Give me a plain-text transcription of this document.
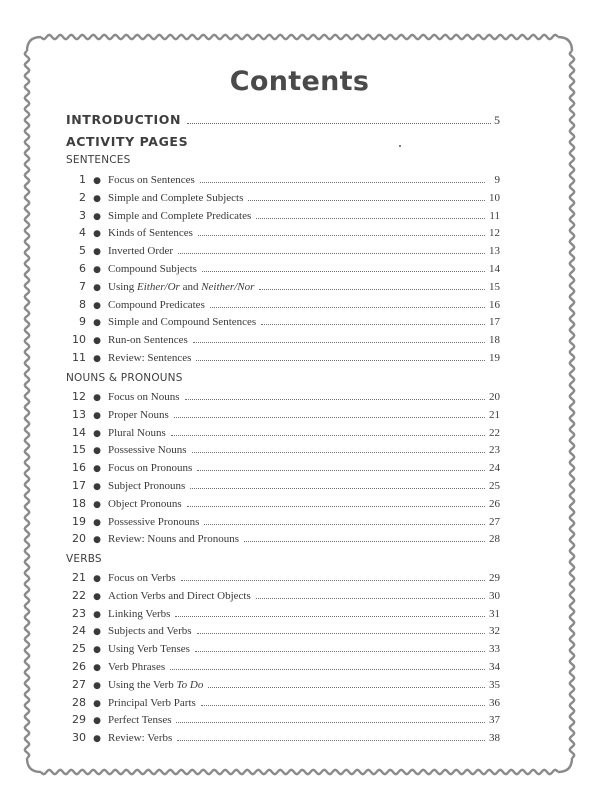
Contents
INTRODUCTION	5
ACTIVITY PAGES
SENTENCES
1 ● Focus on Sentences	9
2 ● Simple and Complete Subjects	10
3 ● Simple and Complete Predicates	11
4 ● Kinds of Sentences	12
5 ● Inverted Order	13
6 ● Compound Subjects	14
7 ● Using Either/Or and Neither/Nor	15
8 ● Compound Predicates	16
9 ● Simple and Compound Sentences	17
10 ● Run-on Sentences	18
11 ● Review: Sentences	19
NOUNS & PRONOUNS
12 ● Focus on Nouns	20
13 ● Proper Nouns	21
14 ● Plural Nouns	22
15 ● Possessive Nouns	23
16 ● Focus on Pronouns	24
17 ● Subject Pronouns	25
18 ● Object Pronouns	26
19 ● Possessive Pronouns	27
20 ● Review: Nouns and Pronouns	28
VERBS
21 ● Focus on Verbs	29
22 ● Action Verbs and Direct Objects	30
23 ● Linking Verbs	31
24 ● Subjects and Verbs	32
25 ● Using Verb Tenses	33
26 ● Verb Phrases	34
27 ● Using the Verb To Do	35
28 ● Principal Verb Parts	36
29 ● Perfect Tenses	37
30 ● Review: Verbs	38
